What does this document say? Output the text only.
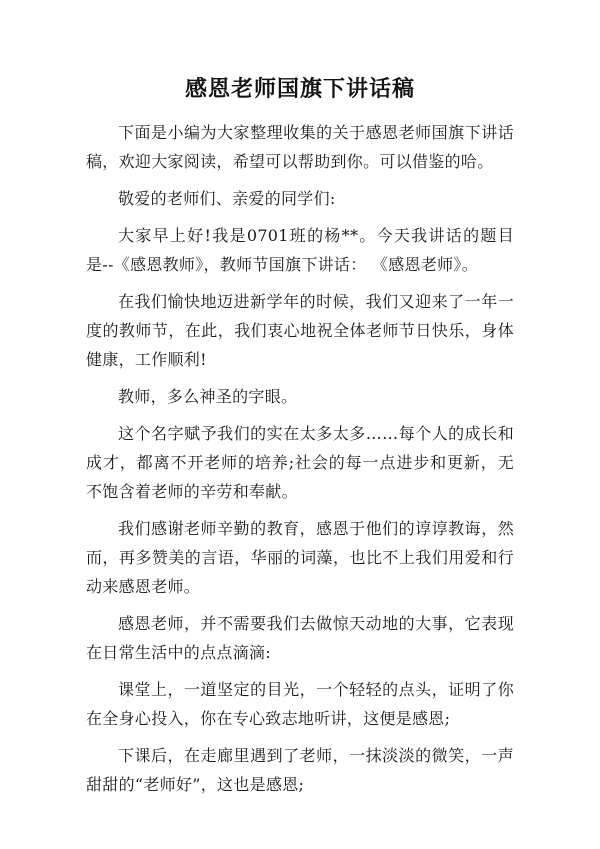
感恩老师国旗下讲话稿

下面是小编为大家整理收集的关于感恩老师国旗下讲话稿，欢迎大家阅读，希望可以帮助到你。可以借鉴的哈。

敬爱的老师们、亲爱的同学们:

大家早上好!我是0701班的杨**。今天我讲话的题目是--《感恩教师》，教师节国旗下讲话： 《感恩老师》。

在我们愉快地迈进新学年的时候，我们又迎来了一年一度的教师节，在此，我们衷心地祝全体老师节日快乐，身体健康，工作顺利!

教师，多么神圣的字眼。

这个名字赋予我们的实在太多太多……每个人的成长和成才，都离不开老师的培养;社会的每一点进步和更新，无不饱含着老师的辛劳和奉献。

我们感谢老师辛勤的教育，感恩于他们的谆谆教诲，然而，再多赞美的言语，华丽的词藻，也比不上我们用爱和行动来感恩老师。

感恩老师，并不需要我们去做惊天动地的大事，它表现在日常生活中的点点滴滴:

课堂上，一道坚定的目光，一个轻轻的点头，证明了你在全身心投入，你在专心致志地听讲，这便是感恩;

下课后，在走廊里遇到了老师，一抹淡淡的微笑，一声甜甜的“老师好”，这也是感恩;
